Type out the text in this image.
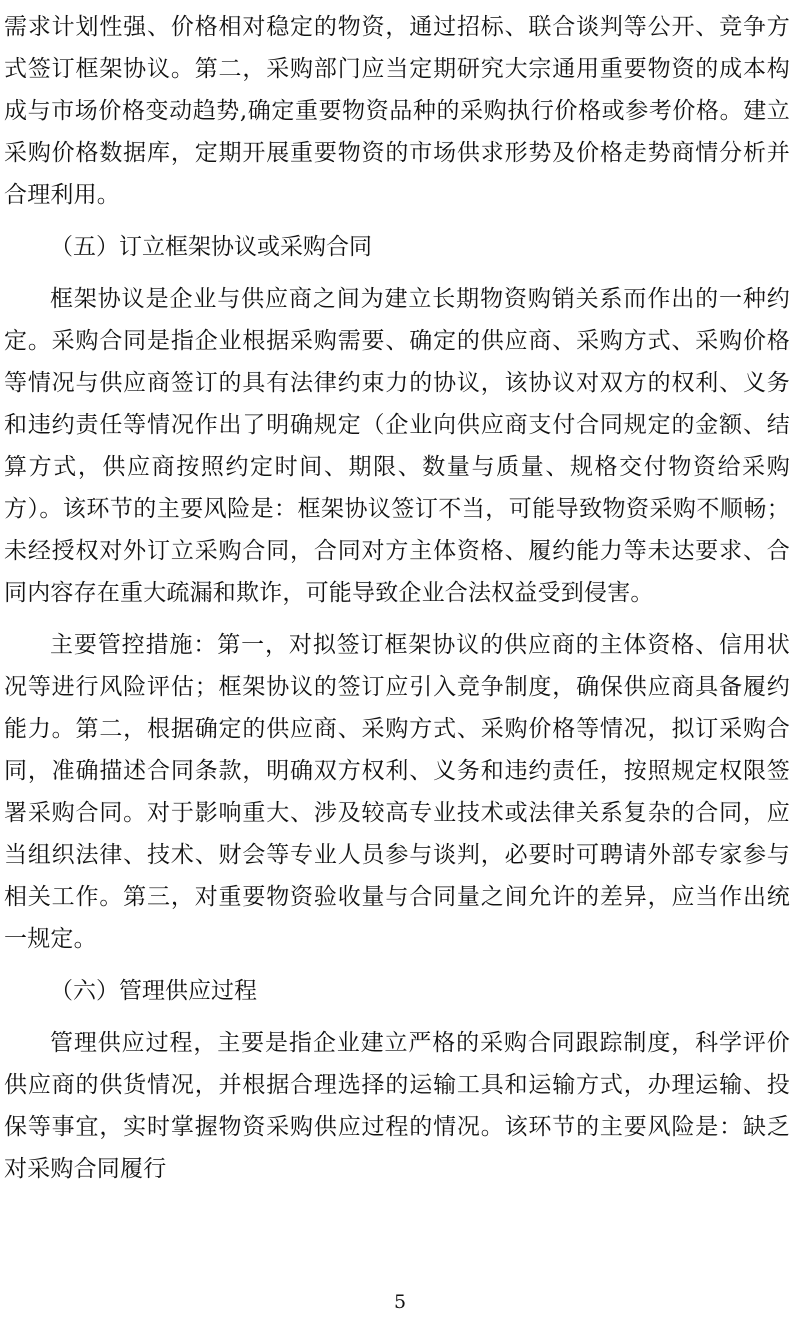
需求计划性强、价格相对稳定的物资，通过招标、联合谈判等公开、竞争方式签订框架协议。第二，采购部门应当定期研究大宗通用重要物资的成本构成与市场价格变动趋势,确定重要物资品种的采购执行价格或参考价格。建立采购价格数据库，定期开展重要物资的市场供求形势及价格走势商情分析并合理利用。

（五）订立框架协议或采购合同

框架协议是企业与供应商之间为建立长期物资购销关系而作出的一种约定。采购合同是指企业根据采购需要、确定的供应商、采购方式、采购价格等情况与供应商签订的具有法律约束力的协议，该协议对双方的权利、义务和违约责任等情况作出了明确规定（企业向供应商支付合同规定的金额、结算方式，供应商按照约定时间、期限、数量与质量、规格交付物资给采购方）。该环节的主要风险是：框架协议签订不当，可能导致物资采购不顺畅；未经授权对外订立采购合同，合同对方主体资格、履约能力等未达要求、合同内容存在重大疏漏和欺诈，可能导致企业合法权益受到侵害。

主要管控措施：第一，对拟签订框架协议的供应商的主体资格、信用状况等进行风险评估；框架协议的签订应引入竞争制度，确保供应商具备履约能力。第二，根据确定的供应商、采购方式、采购价格等情况，拟订采购合同，准确描述合同条款，明确双方权利、义务和违约责任，按照规定权限签署采购合同。对于影响重大、涉及较高专业技术或法律关系复杂的合同，应当组织法律、技术、财会等专业人员参与谈判，必要时可聘请外部专家参与相关工作。第三，对重要物资验收量与合同量之间允许的差异，应当作出统一规定。

（六）管理供应过程

管理供应过程，主要是指企业建立严格的采购合同跟踪制度，科学评价供应商的供货情况，并根据合理选择的运输工具和运输方式，办理运输、投保等事宜，实时掌握物资采购供应过程的情况。该环节的主要风险是：缺乏对采购合同履行

5
